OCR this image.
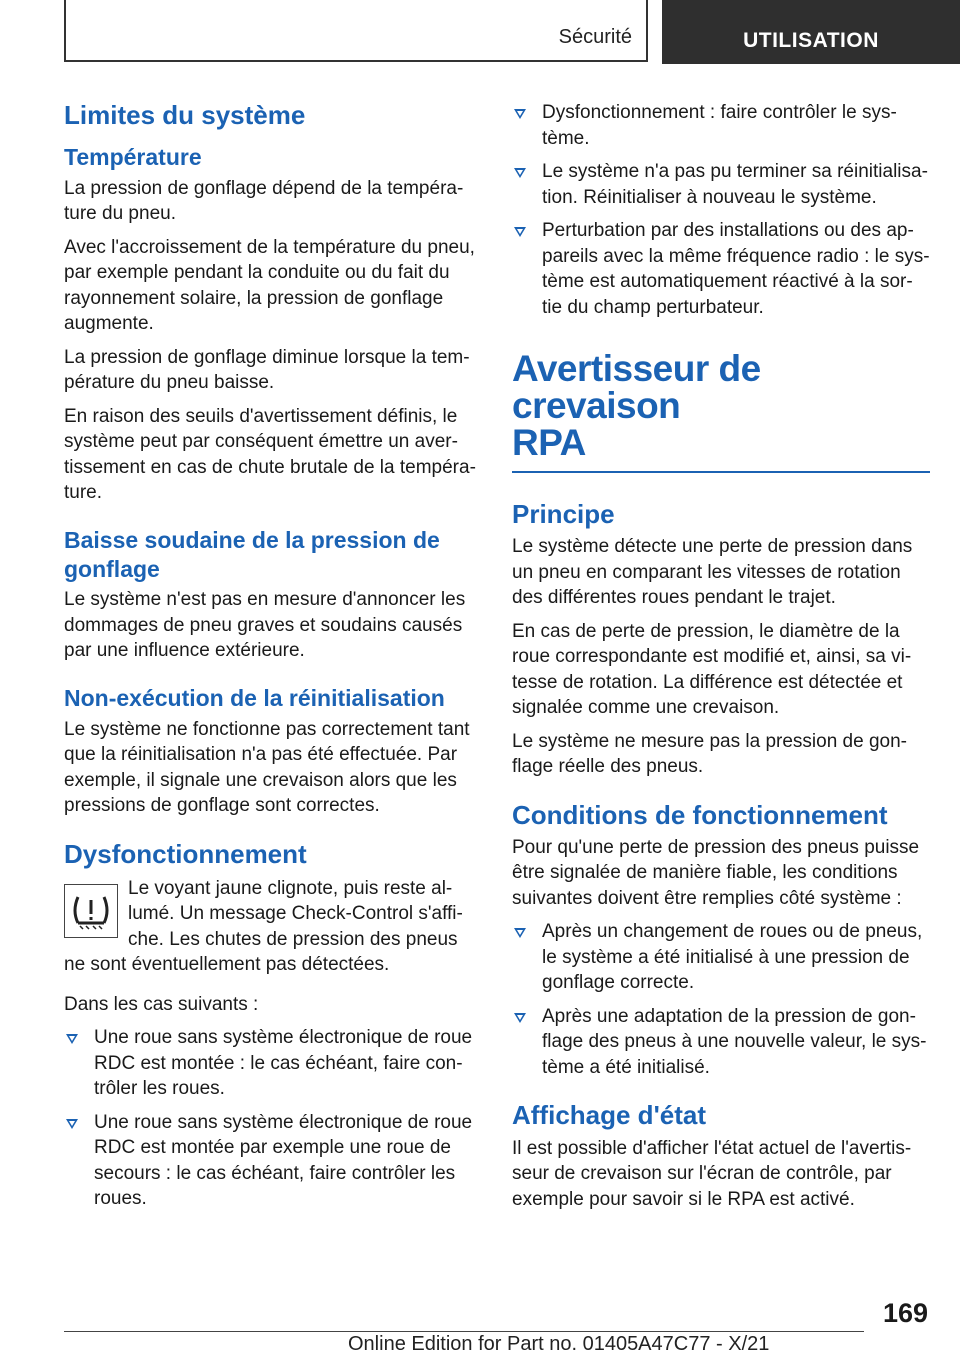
Sécurité	UTILISATION
Limites du système
Température

La pression de gonflage dépend de la tempéra-ture du pneu.

Avec l'accroissement de la température du pneu, par exemple pendant la conduite ou du fait du rayonnement solaire, la pression de gonflage augmente.

La pression de gonflage diminue lorsque la tem-pérature du pneu baisse.

En raison des seuils d'avertissement définis, le système peut par conséquent émettre un aver-tissement en cas de chute brutale de la tempéra-ture.

Baisse soudaine de la pression de gonflage

Le système n'est pas en mesure d'annoncer les dommages de pneu graves et soudains causés par une influence extérieure.

Non-exécution de la réinitialisation

Le système ne fonctionne pas correctement tant que la réinitialisation n'a pas été effectuée. Par exemple, il signale une crevaison alors que les pressions de gonflage sont correctes.

Dysfonctionnement

Le voyant jaune clignote, puis reste al-lumé. Un message Check-Control s'affi-che. Les chutes de pression des pneus ne sont éventuellement pas détectées.

Dans les cas suivants :

Une roue sans système électronique de roue RDC est montée : le cas échéant, faire con-trôler les roues.
Une roue sans système électronique de roue RDC est montée par exemple une roue de secours : le cas échéant, faire contrôler les roues.
Dysfonctionnement : faire contrôler le sys-tème.
Le système n'a pas pu terminer sa réinitialisa-tion. Réinitialiser à nouveau le système.
Perturbation par des installations ou des ap-pareils avec la même fréquence radio : le sys-tème est automatiquement réactivé à la sor-tie du champ perturbateur.
Avertisseur de crevaison
RPA
Principe

Le système détecte une perte de pression dans un pneu en comparant les vitesses de rotation des différentes roues pendant le trajet.

En cas de perte de pression, le diamètre de la roue correspondante est modifié et, ainsi, sa vi-tesse de rotation. La différence est détectée et signalée comme une crevaison.

Le système ne mesure pas la pression de gon-flage réelle des pneus.

Conditions de fonctionnement

Pour qu'une perte de pression des pneus puisse être signalée de manière fiable, les conditions suivantes doivent être remplies côté système :

Après un changement de roues ou de pneus, le système a été initialisé à une pression de gonflage correcte.
Après une adaptation de la pression de gon-flage des pneus à une nouvelle valeur, le sys-tème a été initialisé.
Affichage d'état

Il est possible d'afficher l'état actuel de l'avertis-seur de crevaison sur l'écran de contrôle, par exemple pour savoir si le RPA est activé.

169
Online Edition for Part no. 01405A47C77 - X/21
